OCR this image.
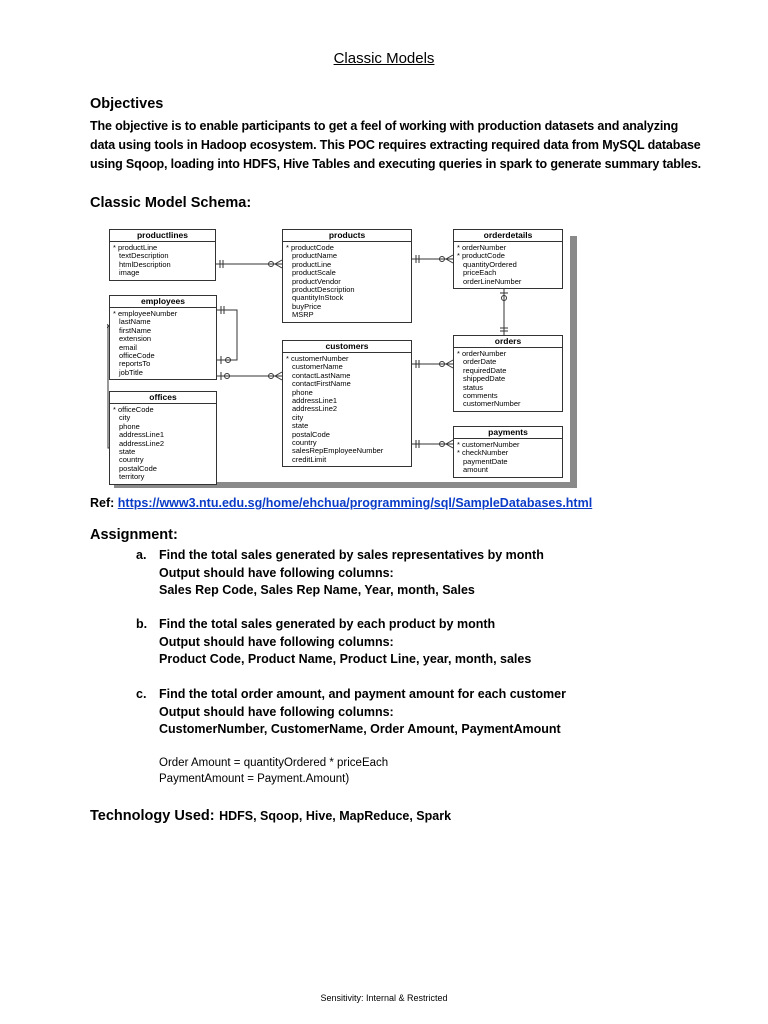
Classic Models
Objectives
The objective is to enable participants to get a feel of working with production datasets and analyzing
data using tools in Hadoop ecosystem. This POC requires extracting required data from MySQL database
using Sqoop, loading into HDFS, Hive Tables and executing queries in spark to generate summary tables.
Classic Model Schema:
productlines
* productLine
textDescription
htmlDescription
image
products
* productCode
productName
productLine
productScale
productVendor
productDescription
quantityInStock
buyPrice
MSRP
orderdetails
* orderNumber
* productCode
quantityOrdered
priceEach
orderLineNumber
employees
* employeeNumber
lastName
firstName
extension
email
officeCode
reportsTo
jobTitle
customers
* customerNumber
customerName
contactLastName
contactFirstName
phone
addressLine1
addressLine2
city
state
postalCode
country
salesRepEmployeeNumber
creditLimit
orders
* orderNumber
orderDate
requiredDate
shippedDate
status
comments
customerNumber
offices
* officeCode
city
phone
addressLine1
addressLine2
state
country
postalCode
territory
payments
* customerNumber
* checkNumber
paymentDate
amount
Ref: https://www3.ntu.edu.sg/home/ehchua/programming/sql/SampleDatabases.html
Assignment:
a. Find the total sales generated by sales representatives by month
Output should have following columns:
Sales Rep Code, Sales Rep Name, Year, month, Sales
b. Find the total sales generated by each product by month
Output should have following columns:
Product Code, Product Name, Product Line, year, month, sales
c. Find the total order amount, and payment amount for each customer
Output should have following columns:
CustomerNumber, CustomerName, Order Amount, PaymentAmount
Order Amount = quantityOrdered * priceEach
PaymentAmount = Payment.Amount)
Technology Used: HDFS, Sqoop, Hive, MapReduce, Spark
Sensitivity: Internal & Restricted
